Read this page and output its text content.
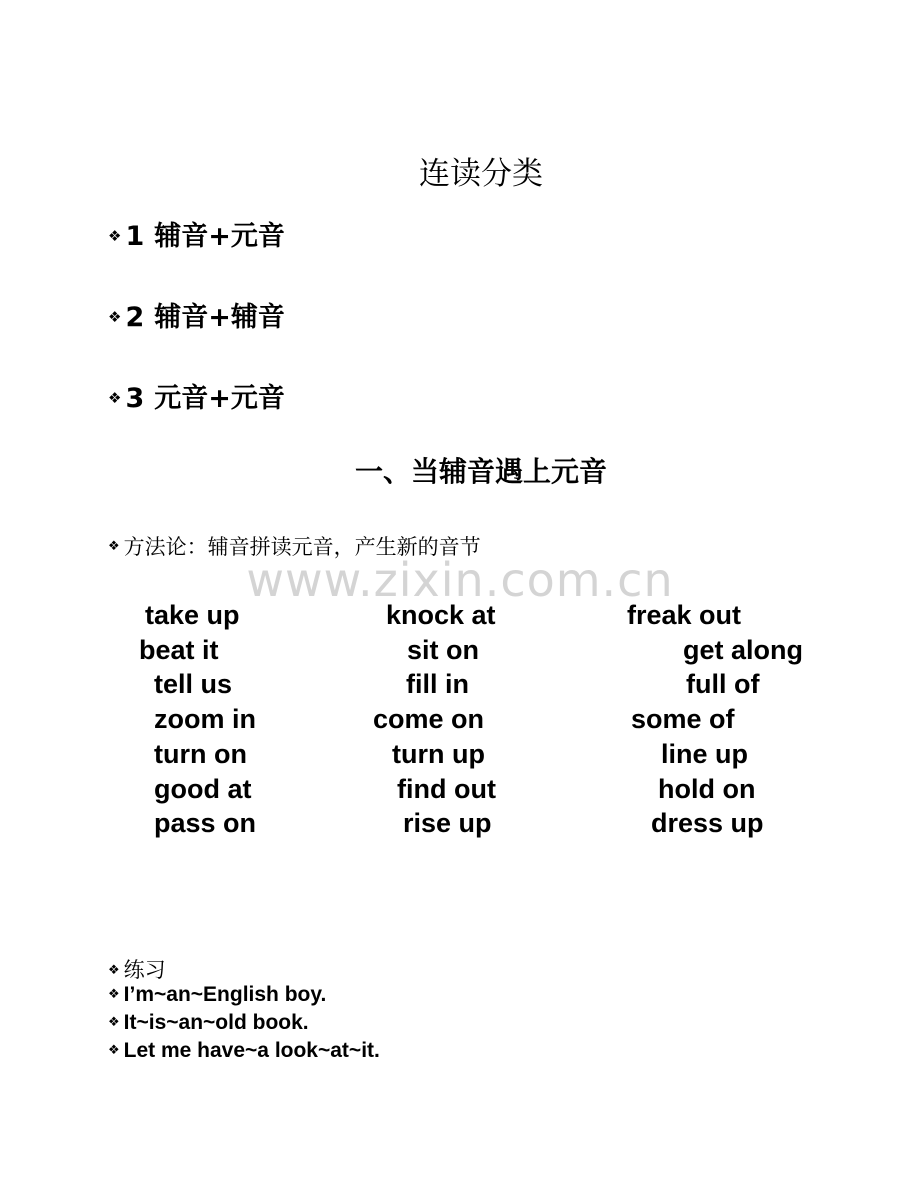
连读分类
❖ 1 辅音+元音
❖ 2 辅音+辅音
❖ 3 元音+元音
一、当辅音遇上元音
❖ 方法论：辅音拼读元音，产生新的音节
www.zixin.com.cn
take up
beat it
tell us
zoom in
turn on
good at
pass on
knock at
sit on
fill in
come on
turn up
find out
rise up
freak out
get along
full of
some of
line up
hold on
dress up
❖ 练习
❖ I’m~an~English boy.
❖ It~is~an~old book.
❖ Let me have~a look~at~it.
